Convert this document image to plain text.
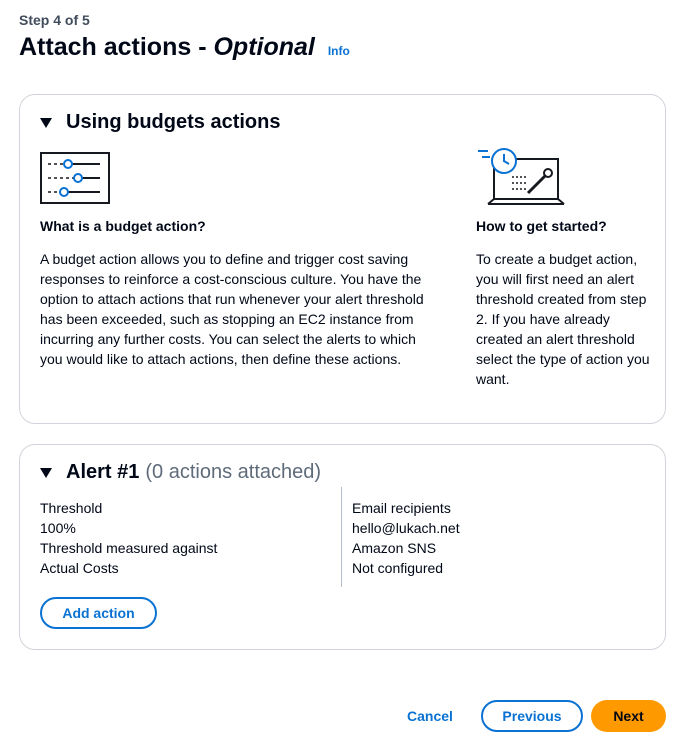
Step 4 of 5
Attach actions - Optional Info
Using budgets actions
What is a budget action?
A budget action allows you to define and trigger cost saving responses to reinforce a cost-conscious culture. You have the option to attach actions that run whenever your alert threshold has been exceeded, such as stopping an EC2 instance from incurring any further costs. You can select the alerts to which you would like to attach actions, then define these actions.
How to get started?
To create a budget action, you will first need an alert threshold created from step 2. If you have already created an alert threshold select the type of action you want.
Alert #1 (0 actions attached)
Threshold
100%
Threshold measured against
Actual Costs
Email recipients
hello@lukach.net
Amazon SNS
Not configured
Add action
Cancel	Previous	Next
